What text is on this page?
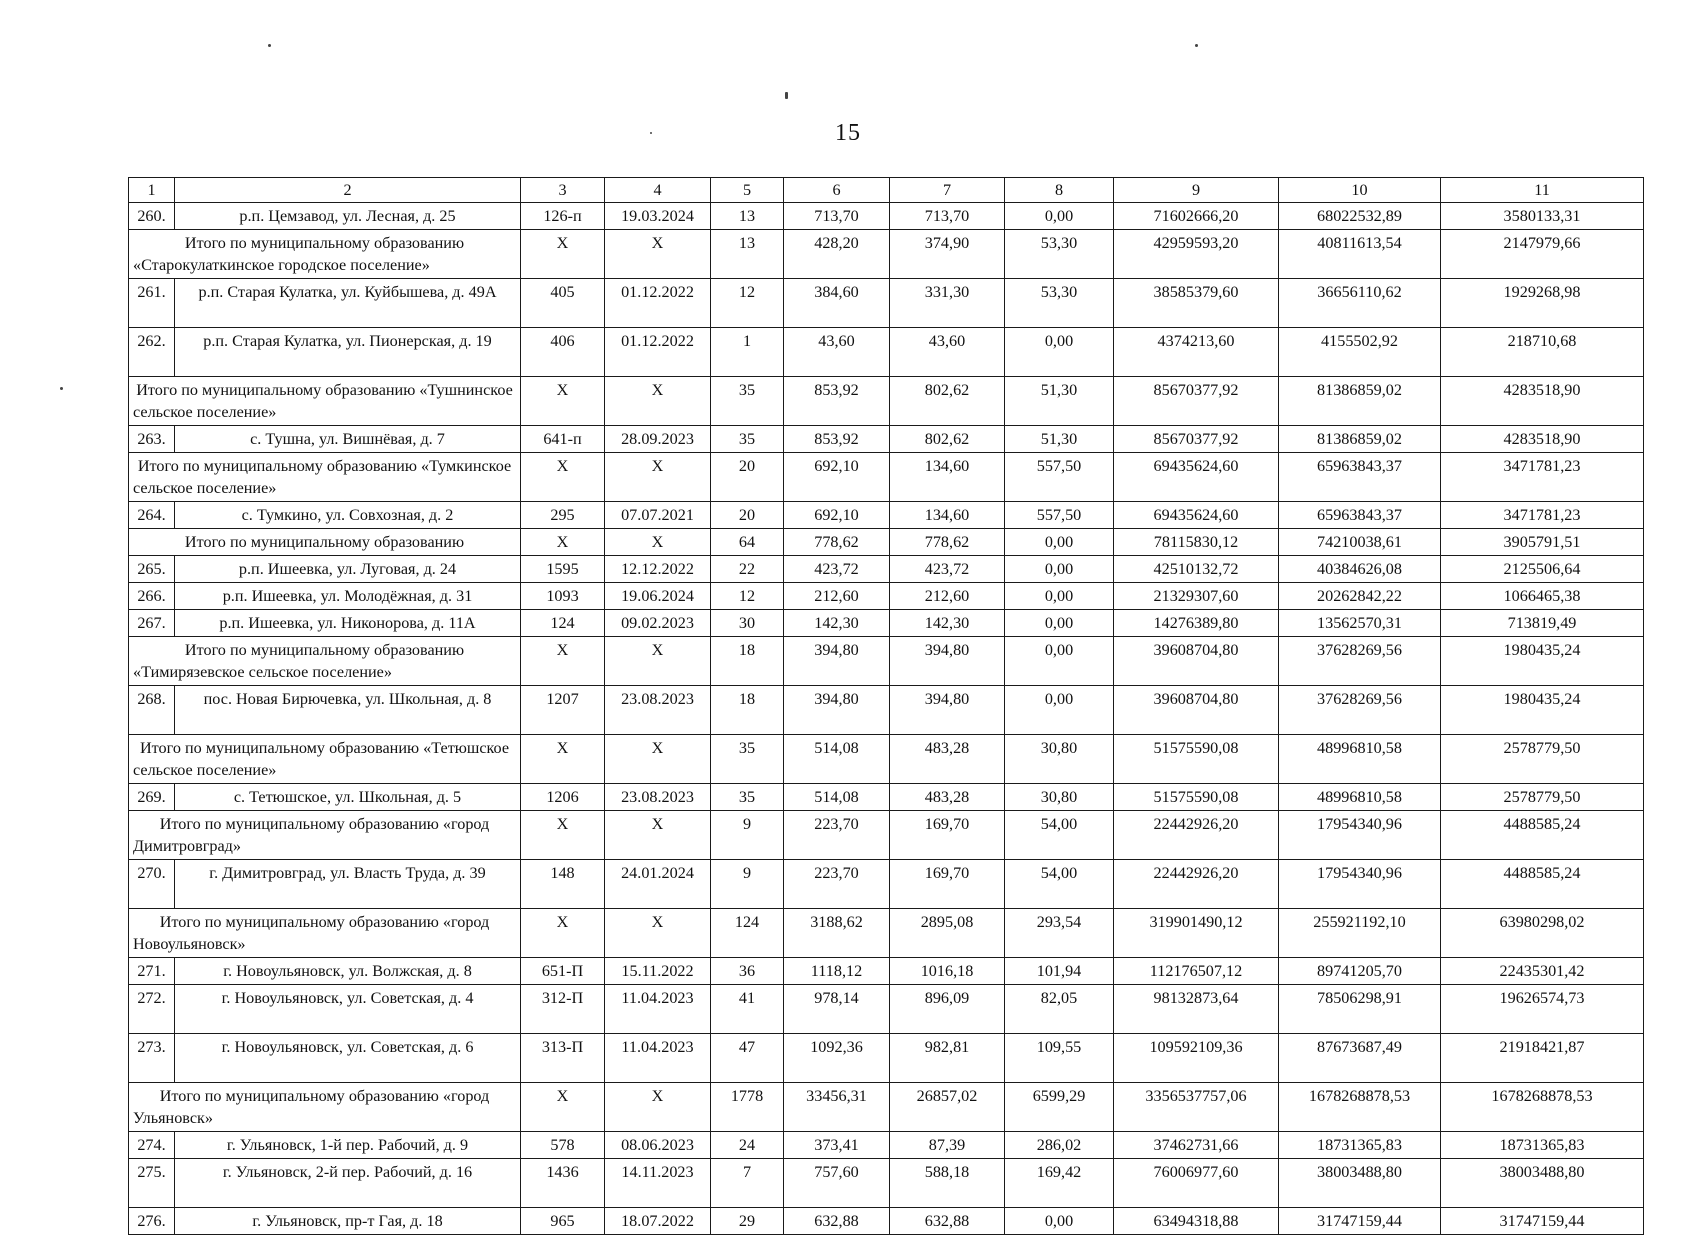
15
1	2	3	4	5	6	7	8	9	10	11
260.	р.п. Цемзавод, ул. Лесная, д. 25	126-п	19.03.2024	13	713,70	713,70	0,00	71602666,20	68022532,89	3580133,31
Итого по муниципальному образованию «Старокулаткинское городское поселение»		X	X	13	428,20	374,90	53,30	42959593,20	40811613,54	2147979,66
261.	р.п. Старая Кулатка, ул. Куйбышева, д. 49А	405	01.12.2022	12	384,60	331,30	53,30	38585379,60	36656110,62	1929268,98
262.	р.п. Старая Кулатка, ул. Пионерская, д. 19	406	01.12.2022	1	43,60	43,60	0,00	4374213,60	4155502,92	218710,68
Итого по муниципальному образованию «Тушнинское сельское поселение»		X	X	35	853,92	802,62	51,30	85670377,92	81386859,02	4283518,90
263.	с. Тушна, ул. Вишнёвая, д. 7	641-п	28.09.2023	35	853,92	802,62	51,30	85670377,92	81386859,02	4283518,90
Итого по муниципальному образованию «Тумкинское сельское поселение»		X	X	20	692,10	134,60	557,50	69435624,60	65963843,37	3471781,23
264.	с. Тумкино, ул. Совхозная, д. 2	295	07.07.2021	20	692,10	134,60	557,50	69435624,60	65963843,37	3471781,23
Итого по муниципальному образованию		X	X	64	778,62	778,62	0,00	78115830,12	74210038,61	3905791,51
265.	р.п. Ишеевка, ул. Луговая, д. 24	1595	12.12.2022	22	423,72	423,72	0,00	42510132,72	40384626,08	2125506,64
266.	р.п. Ишеевка, ул. Молодёжная, д. 31	1093	19.06.2024	12	212,60	212,60	0,00	21329307,60	20262842,22	1066465,38
267.	р.п. Ишеевка, ул. Никонорова, д. 11А	124	09.02.2023	30	142,30	142,30	0,00	14276389,80	13562570,31	713819,49
Итого по муниципальному образованию «Тимирязевское сельское поселение»		X	X	18	394,80	394,80	0,00	39608704,80	37628269,56	1980435,24
268.	пос. Новая Бирючевка, ул. Школьная, д. 8	1207	23.08.2023	18	394,80	394,80	0,00	39608704,80	37628269,56	1980435,24
Итого по муниципальному образованию «Тетюшское сельское поселение»		X	X	35	514,08	483,28	30,80	51575590,08	48996810,58	2578779,50
269.	с. Тетюшское, ул. Школьная, д. 5	1206	23.08.2023	35	514,08	483,28	30,80	51575590,08	48996810,58	2578779,50
Итого по муниципальному образованию «город Димитровград»		X	X	9	223,70	169,70	54,00	22442926,20	17954340,96	4488585,24
270.	г. Димитровград, ул. Власть Труда, д. 39	148	24.01.2024	9	223,70	169,70	54,00	22442926,20	17954340,96	4488585,24
Итого по муниципальному образованию «город Новоульяновск»		X	X	124	3188,62	2895,08	293,54	319901490,12	255921192,10	63980298,02
271.	г. Новоульяновск, ул. Волжская, д. 8	651-П	15.11.2022	36	1118,12	1016,18	101,94	112176507,12	89741205,70	22435301,42
272.	г. Новоульяновск, ул. Советская, д. 4	312-П	11.04.2023	41	978,14	896,09	82,05	98132873,64	78506298,91	19626574,73
273.	г. Новоульяновск, ул. Советская, д. 6	313-П	11.04.2023	47	1092,36	982,81	109,55	109592109,36	87673687,49	21918421,87
Итого по муниципальному образованию «город Ульяновск»		X	X	1778	33456,31	26857,02	6599,29	3356537757,06	1678268878,53	1678268878,53
274.	г. Ульяновск, 1-й пер. Рабочий, д. 9	578	08.06.2023	24	373,41	87,39	286,02	37462731,66	18731365,83	18731365,83
275.	г. Ульяновск, 2-й пер. Рабочий, д. 16	1436	14.11.2023	7	757,60	588,18	169,42	76006977,60	38003488,80	38003488,80
276.	г. Ульяновск, пр-т Гая, д. 18	965	18.07.2022	29	632,88	632,88	0,00	63494318,88	31747159,44	31747159,44
